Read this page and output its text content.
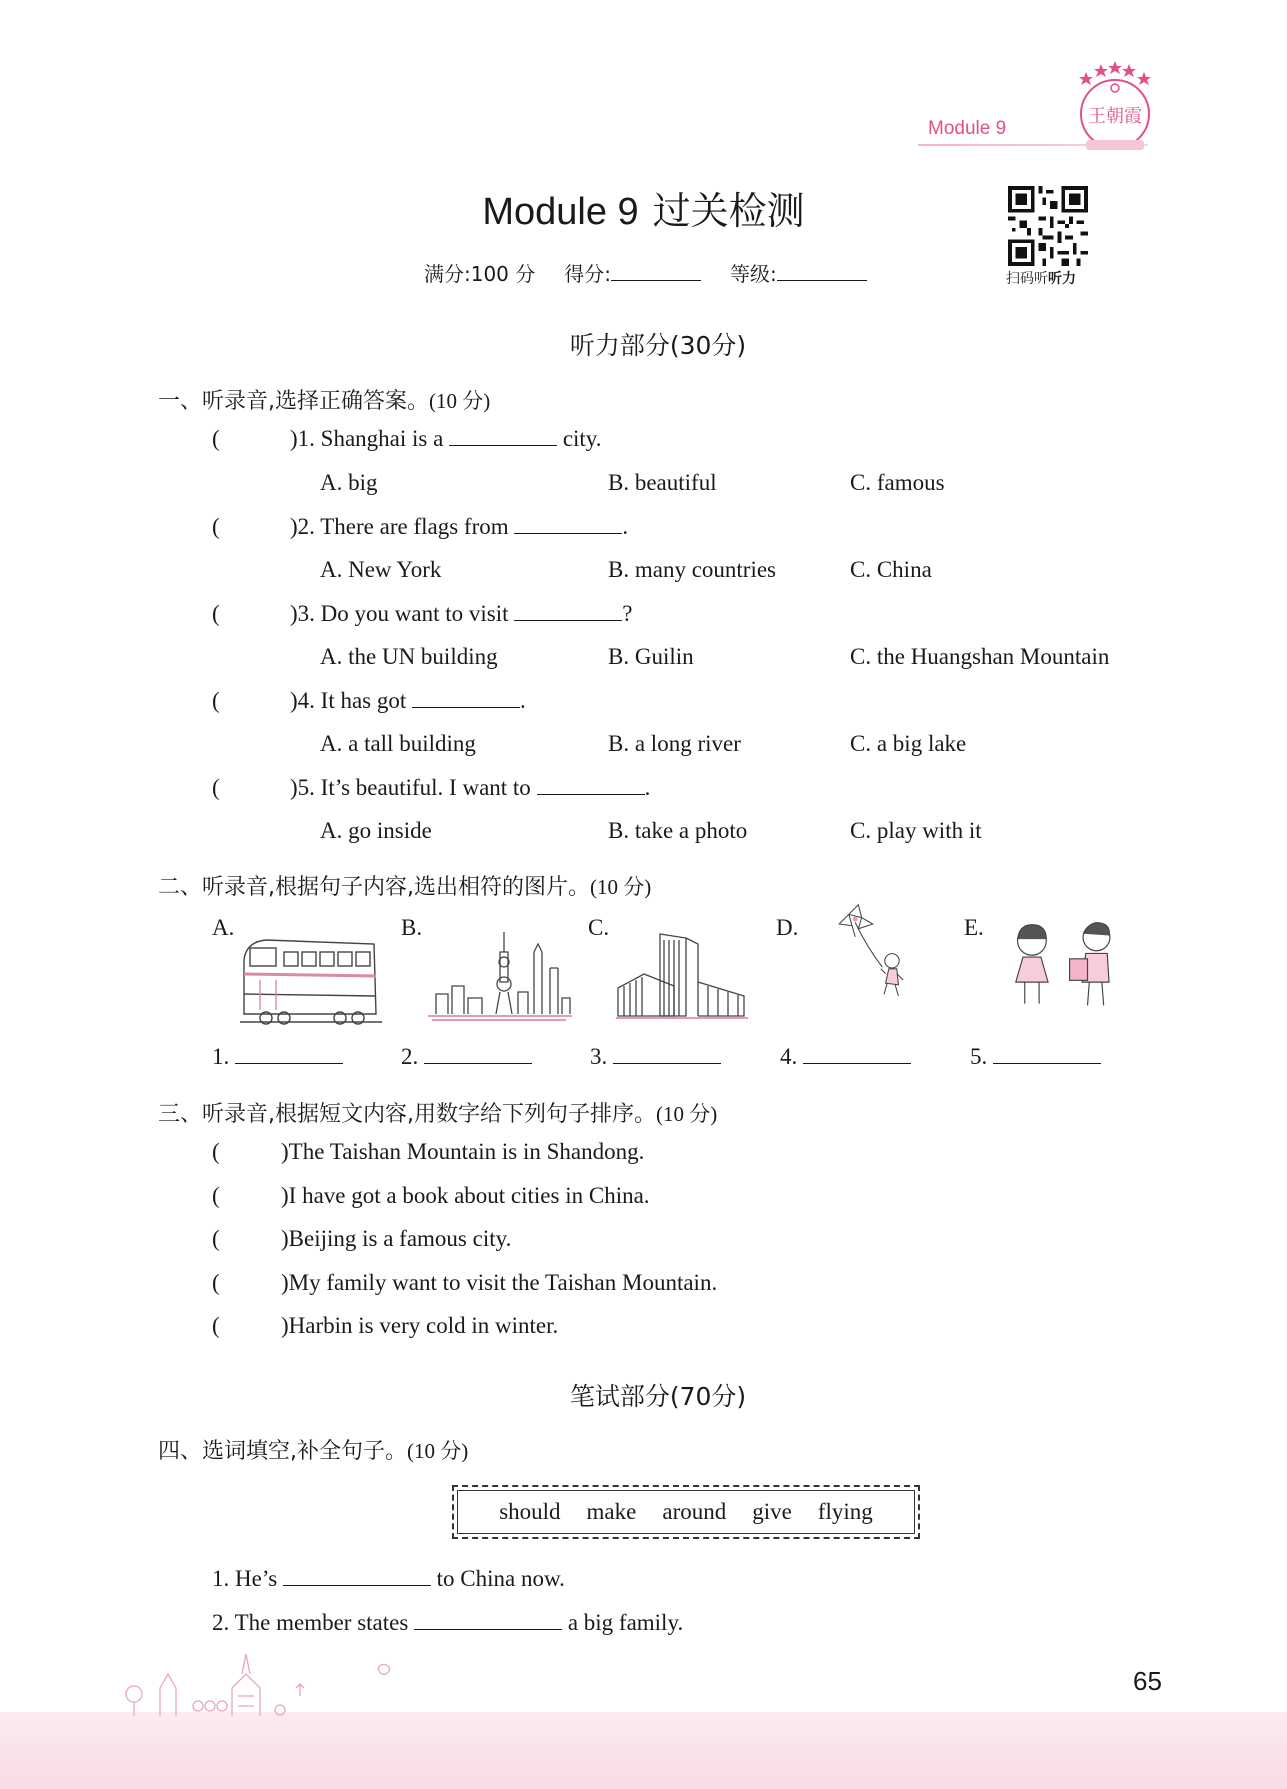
Module 9
王朝霞
Module 9 过关检测
满分:100 分 得分:	等级:	扫码听听力
听力部分(30分)
一、听录音,选择正确答案。(10 分)
(	)1. Shanghai is a	city.
A. big	B. beautiful	C. famous
(	)2. There are flags from	.
A. New York	B. many countries	C. China
(	)3. Do you want to visit	?
A. the UN building	B. Guilin	C. the Huangshan Mountain
(	)4. It has got	.
A. a tall building	B. a long river	C. a big lake
(	)5. It’s beautiful. I want to	.
A. go inside	B. take a photo	C. play with it
二、听录音,根据句子内容,选出相符的图片。(10 分)
A.	B.	C.	D.	E.
1.	2.	3.	4.	5.
三、听录音,根据短文内容,用数字给下列句子排序。(10 分)
(	)The Taishan Mountain is in Shandong.
(	)I have got a book about cities in China.
(	)Beijing is a famous city.
(	)My family want to visit the Taishan Mountain.
(	)Harbin is very cold in winter.
笔试部分(70分)
四、选词填空,补全句子。(10 分)
should make around give flying
1. He’s	to China now.
2. The member states	a big family.
65
